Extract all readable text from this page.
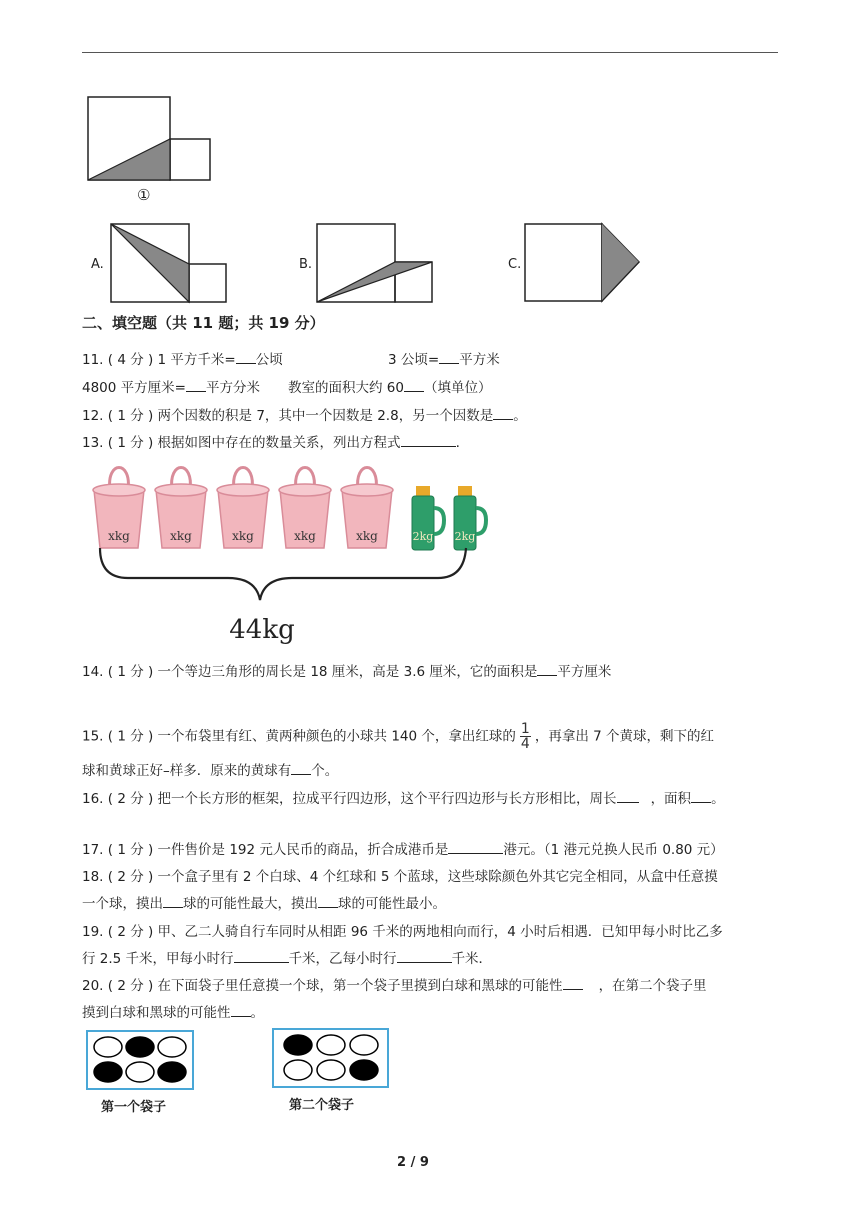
①
A.	B.	C.
二、填空题（共 11 题；共 19 分）
11. ( 4 分 ) 1 平方千米= 公顷	3 公顷= 平方米
4800 平方厘米= 平方分米 教室的面积大约 60 （填单位）
12. ( 1 分 ) 两个因数的积是 7，其中一个因数是 2.8，另一个因数是 。
13. ( 1 分 ) 根据如图中存在的数量关系，列出方程式	.
xkg	xkg	xkg	xkg	xkg	2kg 2kg
44kg
14. ( 1 分 ) 一个等边三角形的周长是 18 厘米，高是 3.6 厘米，它的面积是 平方厘米
15. ( 1 分 ) 一个布袋里有红、黄两种颜色的小球共 140 个，拿出红球的 $\frac{1}{4}$ ，再拿出 7 个黄球，剩下的红
球和黄球正好–样多．原来的黄球有 个。
16. ( 2 分 ) 把一个长方形的框架，拉成平行四边形，这个平行四边形与长方形相比，周长	，面积 。
17. ( 1 分 ) 一件售价是 192 元人民币的商品，折合成港币是	港元。（1 港元兑换人民币 0.80 元）
18. ( 2 分 ) 一个盒子里有 2 个白球、4 个红球和 5 个蓝球，这些球除颜色外其它完全相同，从盒中任意摸
一个球，摸出 球的可能性最大，摸出 球的可能性最小。
19. ( 2 分 ) 甲、乙二人骑自行车同时从相距 96 千米的两地相向而行，4 小时后相遇．已知甲每小时比乙多
行 2.5 千米，甲每小时行	千米，乙每小时行	千米．
20. ( 2 分 ) 在下面袋子里任意摸一个球，第一个袋子里摸到白球和黑球的可能性	，在第二个袋子里
摸到白球和黑球的可能性 。
第一个袋子	第二个袋子
2 / 9
